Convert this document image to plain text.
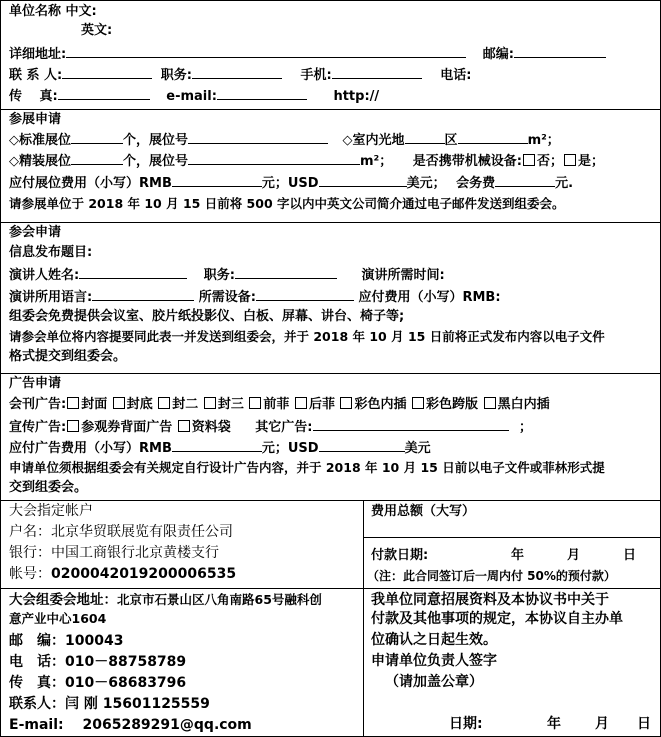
单位名称 中文:
英文:
详细地址:	邮编:
联 系 人:	职务:	手机:	电话:
传　 真:	e-mail:	http://
参展申请
◇标准展位	个，展位号	◇室内光地	区	m²；
◇精装展位	个，展位号	m²； 是否携带机械设备: 否； 是；
应付展位费用（小写）RMB	元；USD	美元； 会务费	元.
请参展单位于 2018 年 10 月 15 日前将 500 字以内中英文公司简介通过电子邮件发送到组委会。
参会申请
信息发布题目:
演讲人姓名:	职务:	演讲所需时间:
演讲所用语言:	所需设备:	应付费用（小写）RMB:
组委会免费提供会议室、胶片纸投影仪、白板、屏幕、讲台、椅子等;
请参会单位将内容提要同此表一并发送到组委会，并于 2018 年 10 月 15 日前将正式发布内容以电子文件
格式提交到组委会。
广告申请
会刊广告: 封面 封底 封二 封三 前菲 后菲 彩色内插 彩色跨版 黑白内插
宣传广告: 参观券背面广告 资料袋 其它广告:	；
应付广告费用（小写）RMB	元；USD	美元
申请单位须根据组委会有关规定自行设计广告内容，并于 2018 年 10 月 15 日前以电子文件或菲林形式提
交到组委会。
大会指定帐户
户名：北京华贸联展览有限责任公司
银行：中国工商银行北京黄楼支行
帐号：0200042019200006535
费用总额（大写）
付款日期:	年	月	日
（注：此合同签订后一周内付 50%的预付款）
大会组委会地址：北京市石景山区八角南路65号融科创
意产业中心1604
邮　编：100043
电　话：010－88758789
传　真：010－68683796
联系人：闫 刚 15601125559
E-mail: 2065289291@qq.com
我单位同意招展资料及本协议书中关于
付款及其他事项的规定，本协议自主办单
位确认之日起生效。
申请单位负责人签字
（请加盖公章）
日期:	年 月 日
